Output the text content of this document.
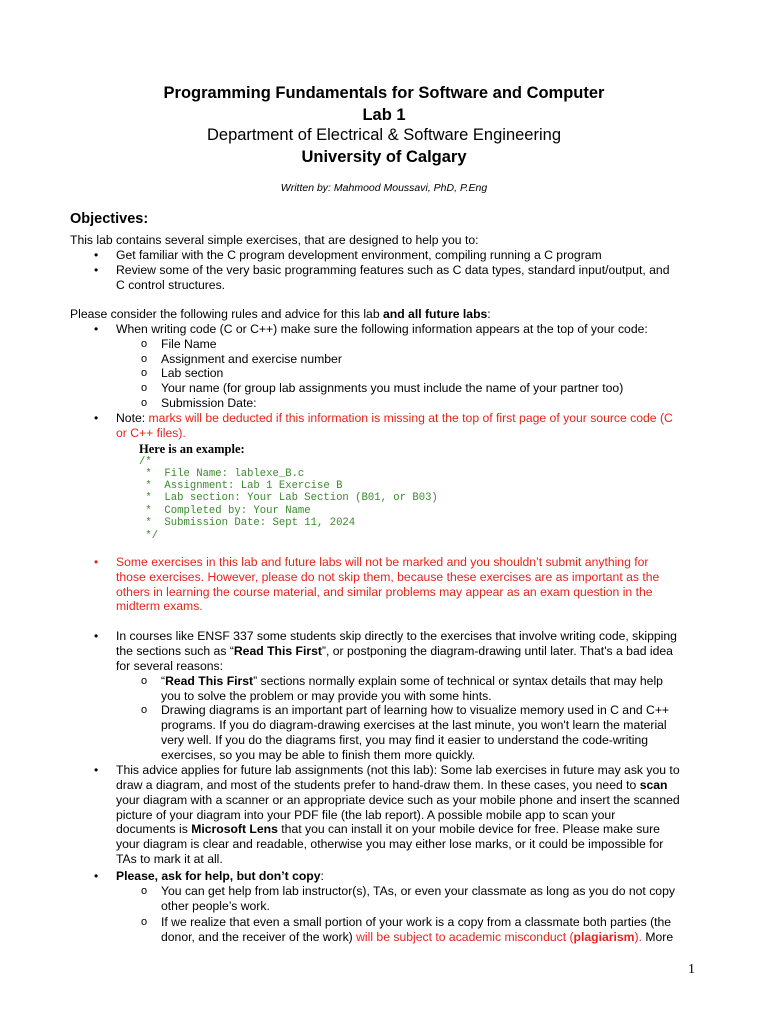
Programming Fundamentals for Software and Computer

Lab 1

Department of Electrical & Software Engineering

University of Calgary

Written by: Mahmood Moussavi, PhD, P.Eng

Objectives:

This lab contains several simple exercises, that are designed to help you to:

• Get familiar with the C program development environment, compiling running a C program

• Review some of the very basic programming features such as C data types, standard input/output, and

C control structures.

Please consider the following rules and advice for this lab and all future labs:

• When writing code (C or C++) make sure the following information appears at the top of your code:

o File Name

o Assignment and exercise number

o Lab section

o Your name (for group lab assignments you must include the name of your partner too)

o Submission Date:

• Note: marks will be deducted if this information is missing at the top of first page of your source code (C

or C++ files).

Here is an example:

/*

*  File Name: lablexe_B.c

*  Assignment: Lab 1 Exercise B

*  Lab section: Your Lab Section (B01, or B03)

*  Completed by: Your Name

*  Submission Date: Sept 11, 2024

*/

• Some exercises in this lab and future labs will not be marked and you shouldn’t submit anything for

those exercises. However, please do not skip them, because these exercises are as important as the

others in learning the course material, and similar problems may appear as an exam question in the

midterm exams.

• In courses like ENSF 337 some students skip directly to the exercises that involve writing code, skipping

the sections such as “Read This First”, or postponing the diagram-drawing until later. That's a bad idea

for several reasons:

o “Read This First” sections normally explain some of technical or syntax details that may help

you to solve the problem or may provide you with some hints.

o Drawing diagrams is an important part of learning how to visualize memory used in C and C++

programs. If you do diagram-drawing exercises at the last minute, you won't learn the material

very well. If you do the diagrams first, you may find it easier to understand the code-writing

exercises, so you may be able to finish them more quickly.

• This advice applies for future lab assignments (not this lab): Some lab exercises in future may ask you to

draw a diagram, and most of the students prefer to hand-draw them. In these cases, you need to scan

your diagram with a scanner or an appropriate device such as your mobile phone and insert the scanned

picture of your diagram into your PDF file (the lab report). A possible mobile app to scan your

documents is Microsoft Lens that you can install it on your mobile device for free. Please make sure

your diagram is clear and readable, otherwise you may either lose marks, or it could be impossible for

TAs to mark it at all.

• Please, ask for help, but don’t copy:

o You can get help from lab instructor(s), TAs, or even your classmate as long as you do not copy

other people’s work.

o If we realize that even a small portion of your work is a copy from a classmate both parties (the

donor, and the receiver of the work) will be subject to academic misconduct (plagiarism). More

1
